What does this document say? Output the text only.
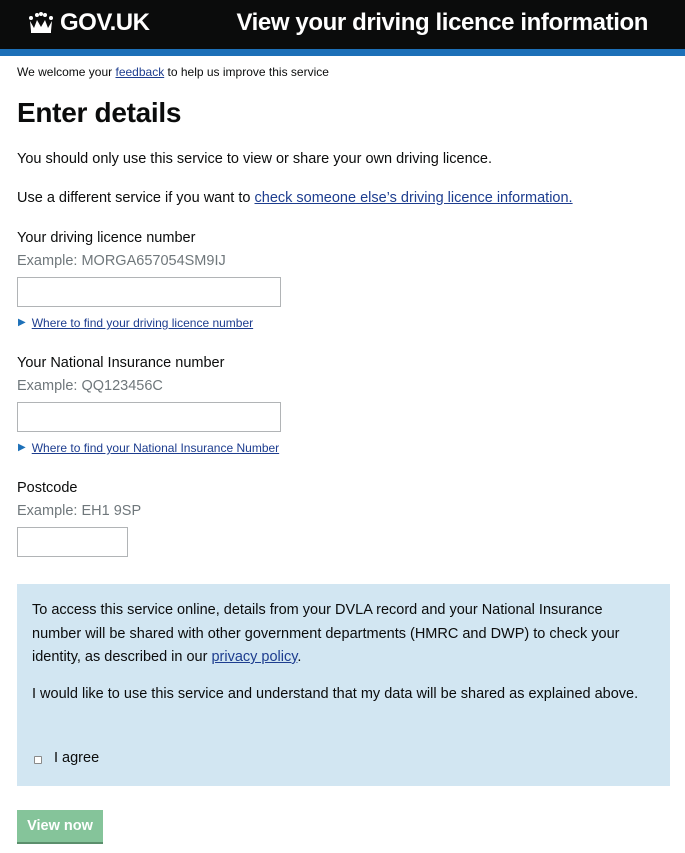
GOV.UK	View your driving licence information
We welcome your feedback to help us improve this service
Enter details

You should only use this service to view or share your own driving licence.

Use a different service if you want to check someone else’s driving licence information.

Your driving licence number
Example: MORGA657054SM9IJ
▶ Where to find your driving licence number
Your National Insurance number
Example: QQ123456C
▶ Where to find your National Insurance Number
Postcode
Example: EH1 9SP

To access this service online, details from your DVLA record and your National Insurance number will be shared with other government departments (HMRC and DWP) to check your identity, as described in our privacy policy.

I would like to use this service and understand that my data will be shared as explained above.

I agree
View now
